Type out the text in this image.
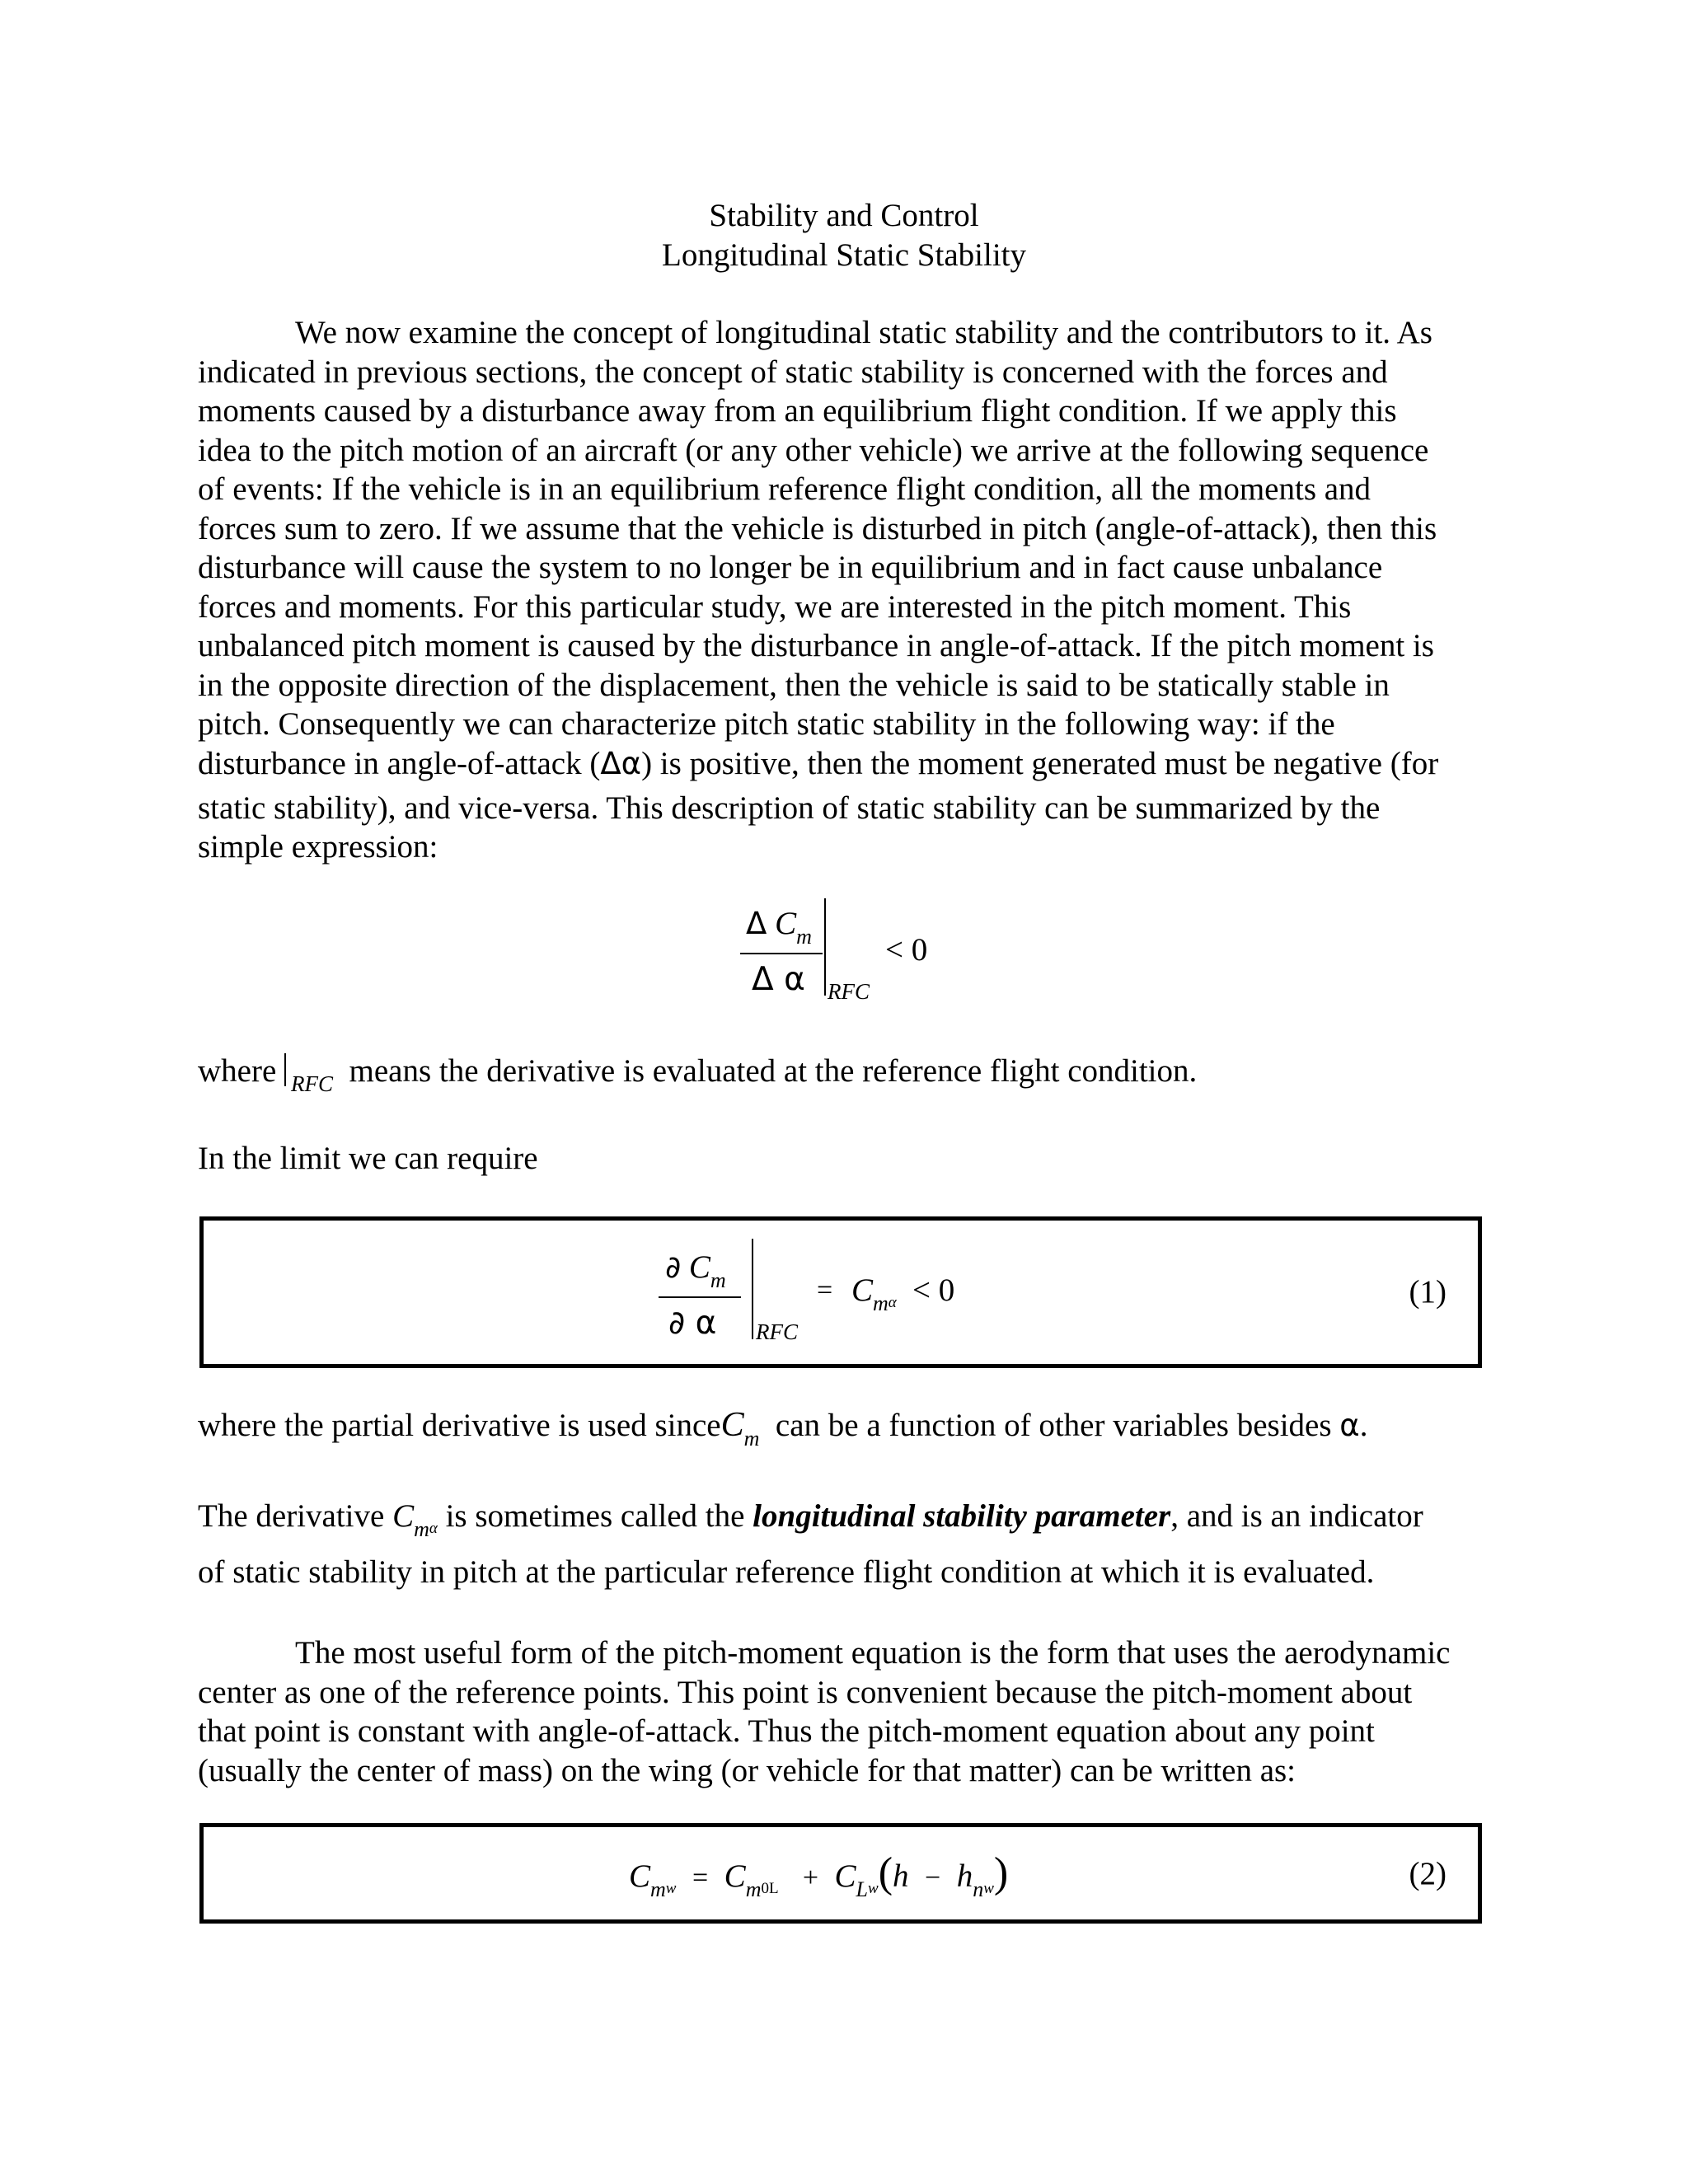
Stability and Control
Longitudinal Static Stability
We now examine the concept of longitudinal static stability and the contributors to it. As
indicated in previous sections, the concept of static stability is concerned with the forces and
moments caused by a disturbance away from an equilibrium flight condition. If we apply this
idea to the pitch motion of an aircraft (or any other vehicle) we arrive at the following sequence
of events: If the vehicle is in an equilibrium reference flight condition, all the moments and
forces sum to zero. If we assume that the vehicle is disturbed in pitch (angle-of-attack), then this
disturbance will cause the system to no longer be in equilibrium and in fact cause unbalance
forces and moments. For this particular study, we are interested in the pitch moment. This
unbalanced pitch moment is caused by the disturbance in angle-of-attack. If the pitch moment is
in the opposite direction of the displacement, then the vehicle is said to be statically stable in
pitch. Consequently we can characterize pitch static stability in the following way: if the
disturbance in angle-of-attack (Δα) is positive, then the moment generated must be negative (for
static stability), and vice-versa. This description of static stability can be summarized by the
simple expression:
Δ $C_m$
Δ α RFC
< 0
where $_{RFC}$ means the derivative is evaluated at the reference flight condition.
In the limit we can require
∂ $C_m$
∂ α RFC
= $C_{m\alpha} < 0$	(1)
where the partial derivative is used sinceC$_m$ can be a function of other variables besides α.
The derivative $C_{m\alpha}$ is sometimes called the longitudinal stability parameter, and is an indicator
of static stability in pitch at the particular reference flight condition at which it is evaluated.
The most useful form of the pitch-moment equation is the form that uses the aerodynamic
center as one of the reference points. This point is convenient because the pitch-moment about
that point is constant with angle-of-attack. Thus the pitch-moment equation about any point
(usually the center of mass) on the wing (or vehicle for that matter) can be written as:
$C_{mw} = C_{m0L} + C_{Lw}(h - h_{nw})$	(2)
